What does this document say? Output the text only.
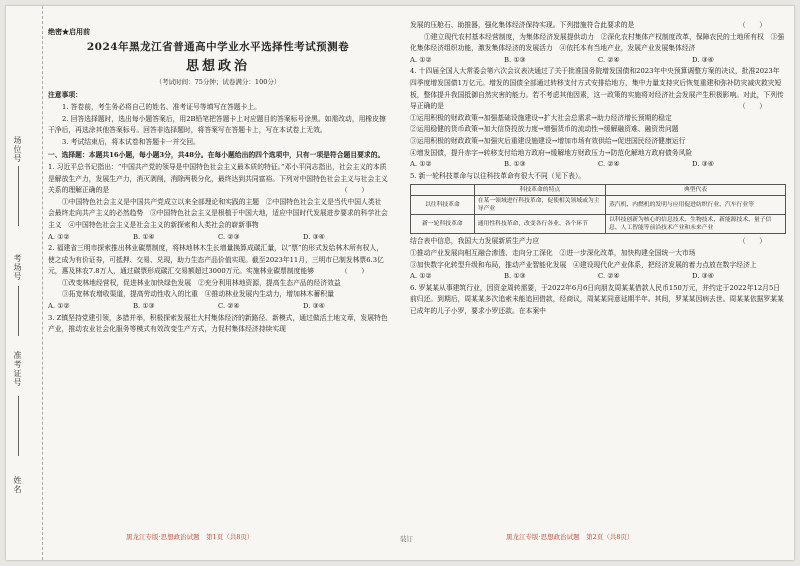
场位号
考场号
准考证号
姓名
绝密★启用前
2024年黑龙江省普通高中学业水平选择性考试预测卷
思想政治
（考试时间：75分钟；试卷满分：100分）

注意事项：

1. 答卷前，考生务必将自己的姓名、准考证号等填写在答题卡上。

2. 回答选择题时，选出每小题答案后，用2B铅笔把答题卡上对应题目的答案标号涂黑。如需改动，用橡皮擦干净后，再选涂其他答案标号。回答非选择题时，将答案写在答题卡上，写在本试卷上无效。

3. 考试结束后，将本试卷和答题卡一并交回。

一、选择题：本题共16小题，每小题3分，共48分。在每小题给出的四个选项中，只有一项是符合题目要求的。

1. 习近平总书记指出：“中国共产党的领导是中国特色社会主义最本质的特征。”邓小平同志指出，社会主义的本质是解放生产力，发展生产力，消灭剥削，消除两极分化，最终达到共同富裕。下列对中国特色社会主义与社会主义关系的理解正确的是	（　　）

①中国特色社会主义是中国共产党成立以来全部理论和实践的主题　②中国特色社会主义是当代中国人类社会最终走向共产主义的必然趋势　③中国特色社会主义是根植于中国大地，适应中国时代发展进步要求的科学社会主义　④中国特色社会主义是社会主义的新探索和人类社会的崭新事物

A. ①②	B. ①④	C. ②③	D. ③④

2. 福建省三明市探索推出林业碳票制度，将林地林木生长增量换算成碳汇量，以“票”的形式发给林木所有权人，使之成为有价证券，可抵押、交易、兑现，助力生态产品价值实现。截至2023年11月，三明市已制发林票6.3亿元，惠及林农7.8万人，通过碳票形成碳汇交易额超过3000万元。实施林业碳票制度能够	（　　）

①改变林地经营权，促进林业加快绿色发展　②充分利用林地资源，提高生态产品的经济效益

③拓宽林农增收渠道，提高劳动性收入的比重　④推动林业发展内生动力，增加林木蓄积量

A. ①②	B. ①③	C. ②④	D. ③④

3. Z镇坚持党建引领，多措并举，积极探索发展壮大村集体经济的新路径、新模式，通过做活土地文章，发展特色产业，推动农业社会化服务等模式有效改变生产方式，力促村集体经济持续实现

黑龙江专版·思想政治试题　第1页（共8页）	装订

发展的压舱石、助推器，强化集体经济保持实现。下列措施符合此要求的是	（　　）

①建立现代农村基本经营制度，为集体经济发展提供动力　②深化农村集体产权制度改革，保障农民的土地所有权　③强化集体经济组织功能，激发集体经济的发展活力　④依托本有当地产业，发展产业发展集体经济

A. ①②	B. ①③	C. ②④	D. ③④

4. 十四届全国人大常委会第六次会议表决通过了关于批准国务院增发国债和2023年中央预算调整方案的决议，批准2023年四季度增发国债1万亿元。增发的国债全部通过转移支付方式安排给地方，集中力量支持灾后恢复重建和弥补防灾减灾救灾短板，整体提升我国抵御自然灾害的能力。若不考虑其他因素，这一政策的实施将对经济社会发展产生积极影响。对此，下列传导正确的是	（　　）

①运用积极的财政政策→加强基础设施建设→扩大社会总需求→助力经济增长预期的稳定

②运用稳健的货币政策→加大信贷投放力度→增强货币的流动性→缓解融资难、融资贵问题

③运用积极的财政政策→加强灾后重建设施建设→增加市场有效供给→促进国民经济健康运行

④增发国债，提升赤字→转移支付给地方政府→缓解地方财政压力→防范化解地方政府债务风险

A. ①②	B. ①③	C. ②④	D. ③④

5. 新一轮科技革命与以往科技革命有很大不同（见下表）。

	科技革命的特点	典型代表
以往科技革命	在某一领域进行科技革命，促使相关领域或为主导产业	蒸汽机、内燃机的发明与应用促进纺织行业、汽车行业等
新一轮科技革命	通用性科技革命，改变各行各业、各个环节	以科技创新为核心的信息技术、生物技术、新能源技术、量子信息、人工智能等前沿技术产业和未来产业

结合表中信息，我国大力发展新质生产力应	（　　）

①推动产业发展向相互融合渗透、走向分工深化　②进一步深化改革，加快构建全国统一大市场

③加快数字化转型升级和布局，推动产业智能化发展　④建设现代化产业体系，把经济发展的着力点放在数字经济上

A. ①②	B. ①③	C. ②④	D. ③④

6. 罗某某从事建筑行业，因资金周转需要，于2022年6月6日向朋友周某某借款人民币150万元，并约定于2022年12月5日前归还。到期后，周某某多次追索未能追回借款，经商议，周某某同意延期半年。其间，罗某某因病去世。周某某依据罗某某已成年的儿子小罗，要求小罗还款。在本案中

黑龙江专版·思想政治试题　第2页（共8页）
